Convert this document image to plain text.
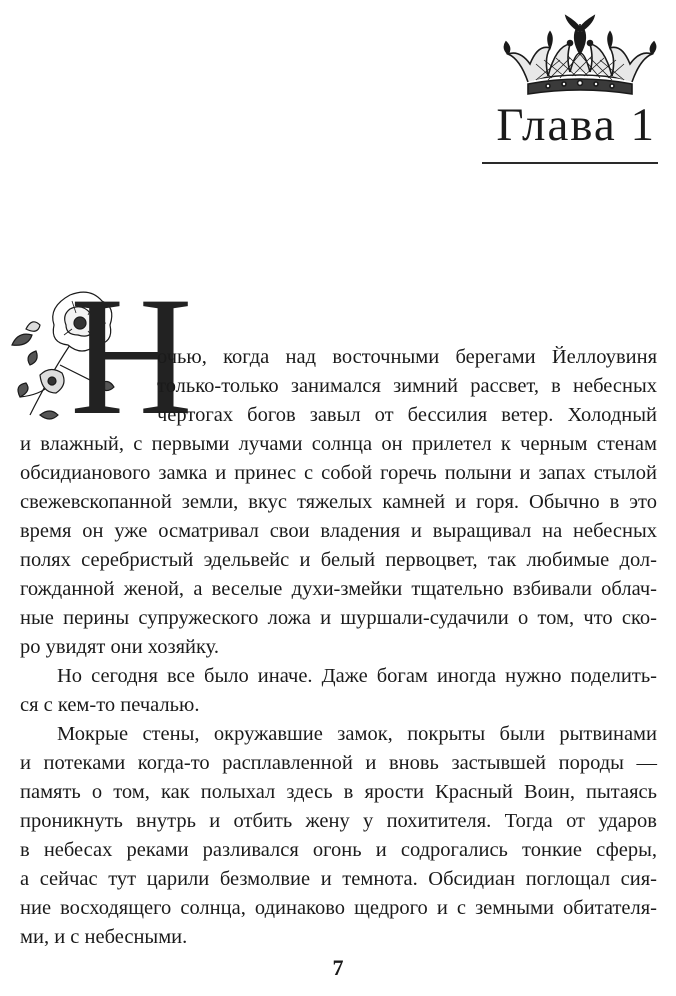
Глава 1
Н
очью, когда над восточными берегами Йеллоувиня
только-только занимался зимний рассвет, в небесных
чертогах богов завыл от бессилия ветер. Холодный
и влажный, с первыми лучами солнца он прилетел к черным стенам
обсидианового замка и принес с собой горечь полыни и запах стылой
свежевскопанной земли, вкус тяжелых камней и горя. Обычно в это
время он уже осматривал свои владения и выращивал на небесных
полях серебристый эдельвейс и белый первоцвет, так любимые дол-
гожданной женой, а веселые духи-змейки тщательно взбивали облач-
ные перины супружеского ложа и шуршали-судачили о том, что ско-
ро увидят они хозяйку.
Но сегодня все было иначе. Даже богам иногда нужно поделить-
ся с кем-то печалью.
Мокрые стены, окружавшие замок, покрыты были рытвинами
и потеками когда-то расплавленной и вновь застывшей породы —
память о том, как полыхал здесь в ярости Красный Воин, пытаясь
проникнуть внутрь и отбить жену у похитителя. Тогда от ударов
в небесах реками разливался огонь и содрогались тонкие сферы,
а сейчас тут царили безмолвие и темнота. Обсидиан поглощал сия-
ние восходящего солнца, одинаково щедрого и с земными обитателя-
ми, и с небесными.
7
